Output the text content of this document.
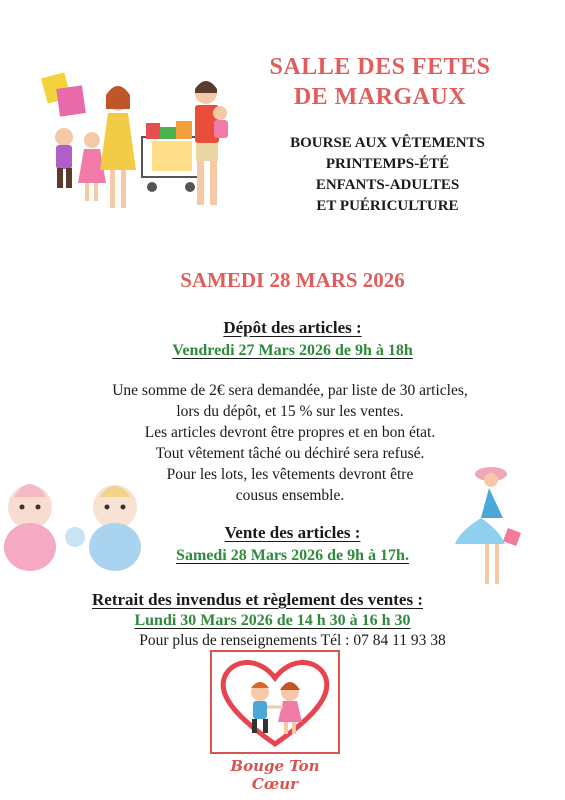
SALLE DES FETES
DE MARGAUX
BOURSE AUX VÊTEMENTS
PRINTEMPS-ÉTÉ
ENFANTS-ADULTES
ET PUÉRICULTURE
SAMEDI 28 MARS 2026
Dépôt des articles :
Vendredi 27 Mars 2026 de 9h à 18h
Une somme de 2€ sera demandée, par liste de 30 articles,
lors du dépôt, et 15 % sur les ventes.
Les articles devront être propres et en bon état.
Tout vêtement tâché ou déchiré sera refusé.
Pour les lots, les vêtements devront être
cousus ensemble.
Vente des articles :
Samedi 28 Mars 2026 de 9h à 17h.
Retrait des invendus et règlement des ventes :
Lundi 30 Mars 2026 de 14 h 30 à 16 h 30
Pour plus de renseignements Tél : 07 84 11 93 38
Bouge Ton Cœur
